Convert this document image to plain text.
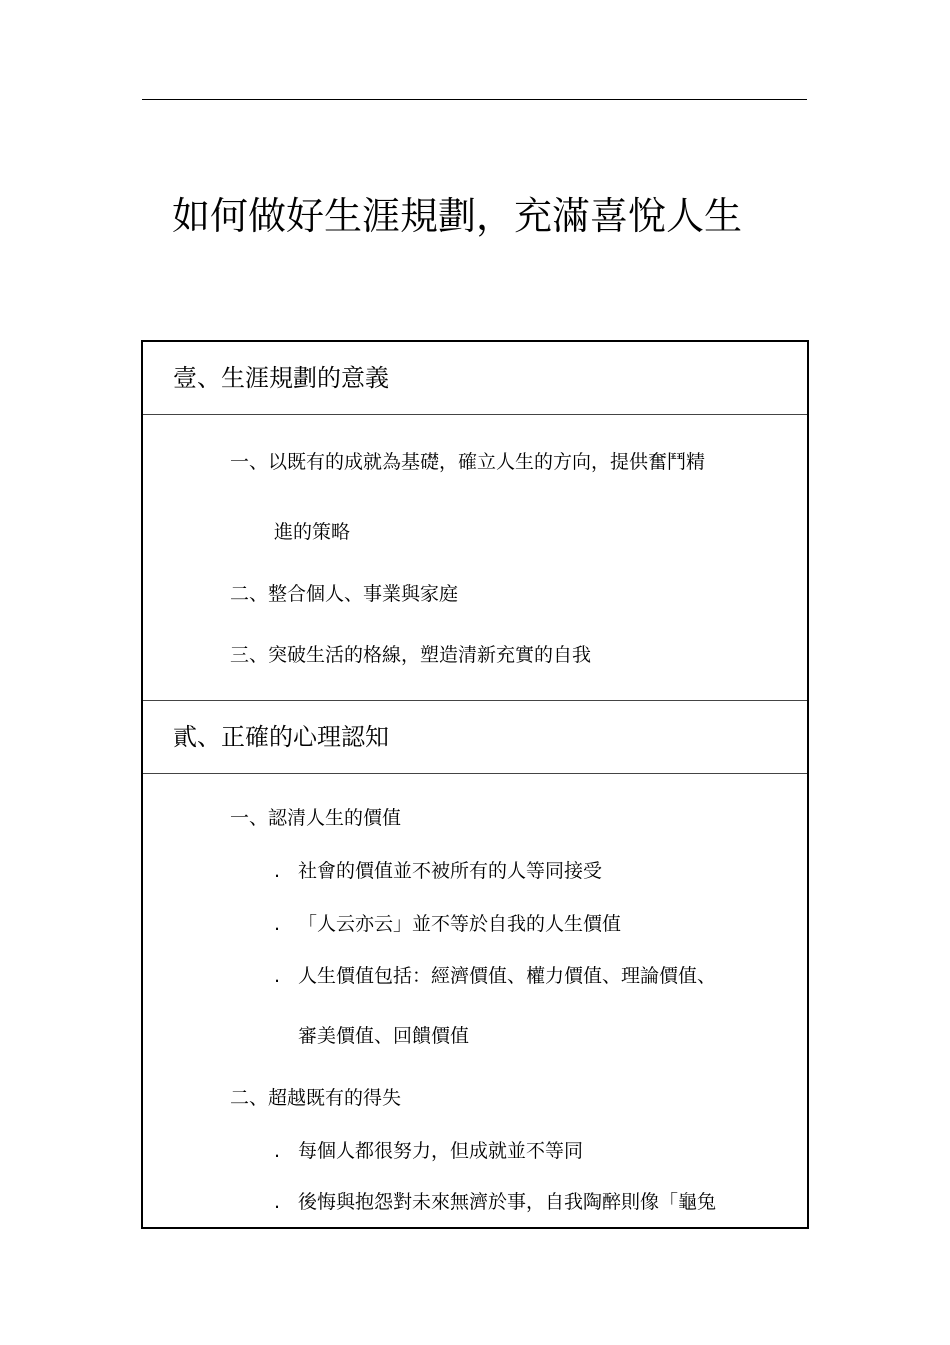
如何做好生涯規劃，充滿喜悅人生
壹、生涯規劃的意義
一、以既有的成就為基礎，確立人生的方向，提供奮鬥精
進的策略
二、整合個人、事業與家庭
三、突破生活的格線，塑造清新充實的自我
貳、正確的心理認知
一、認清人生的價值
. 社會的價值並不被所有的人等同接受
. 「人云亦云」並不等於自我的人生價值
. 人生價值包括：經濟價值、權力價值、理論價值、
審美價值、回饋價值
二、超越既有的得失
. 每個人都很努力，但成就並不等同
. 後悔與抱怨對未來無濟於事，自我陶醉則像「龜兔
